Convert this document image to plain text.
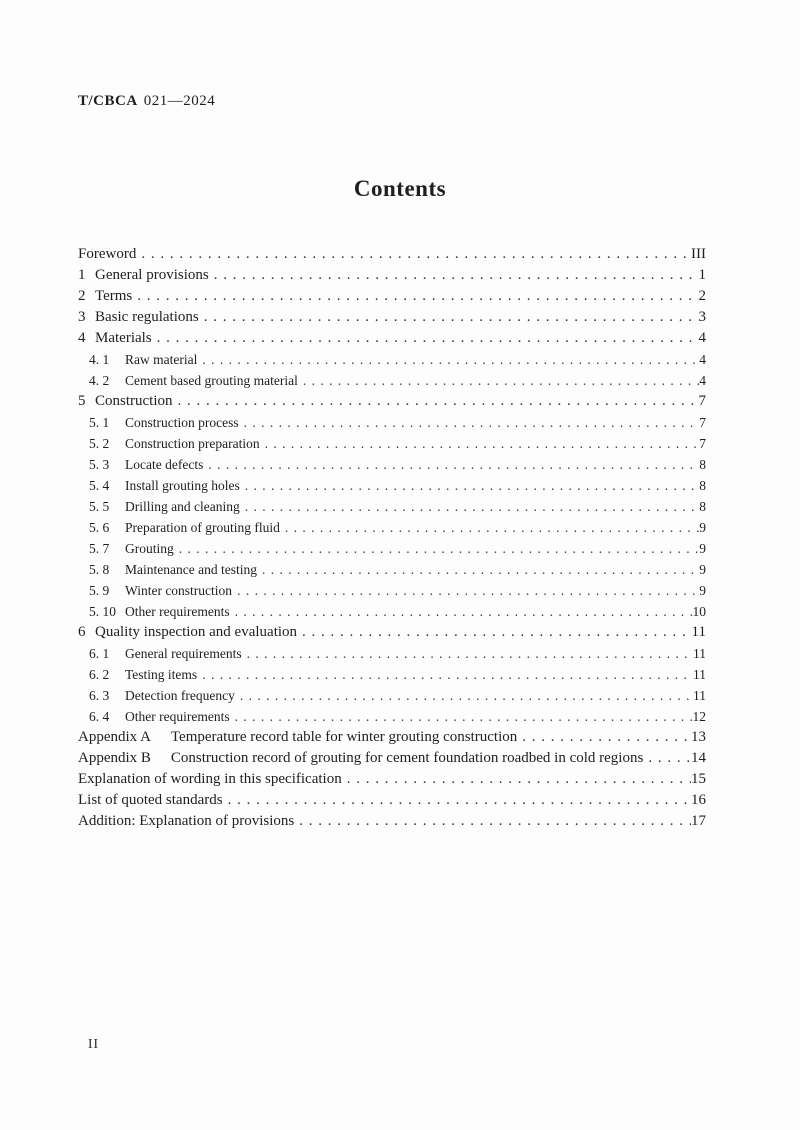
T/CBCA 021—2024
Contents
Foreword . . .	III
1 General provisions . . .	1
2 Terms . . .	2
3 Basic regulations . . .	3
4 Materials . . .	4
4. 1	Raw material . . .	4
4. 2	Cement based grouting material . . .	4
5 Construction . . .	7
5. 1	Construction process . . .	7
5. 2	Construction preparation . . .	7
5. 3	Locate defects . . .	8
5. 4	Install grouting holes . . .	8
5. 5	Drilling and cleaning . . .	8
5. 6	Preparation of grouting fluid . . .	9
5. 7	Grouting . . .	9
5. 8	Maintenance and testing . . .	9
5. 9	Winter construction . . .	9
5. 10 Other requirements . . .	10
6 Quality inspection and evaluation . . .	11
6. 1	General requirements . . .	11
6. 2	Testing items . . .	11
6. 3	Detection frequency . . .	11
6. 4	Other requirements . . .	12
Appendix A Temperature record table for winter grouting construction . . .	13
Appendix B Construction record of grouting for cement foundation roadbed in cold regions . . .	14
Explanation of wording in this specification . . .	15
List of quoted standards . . .	16
Addition: Explanation of provisions . . .	17
II
